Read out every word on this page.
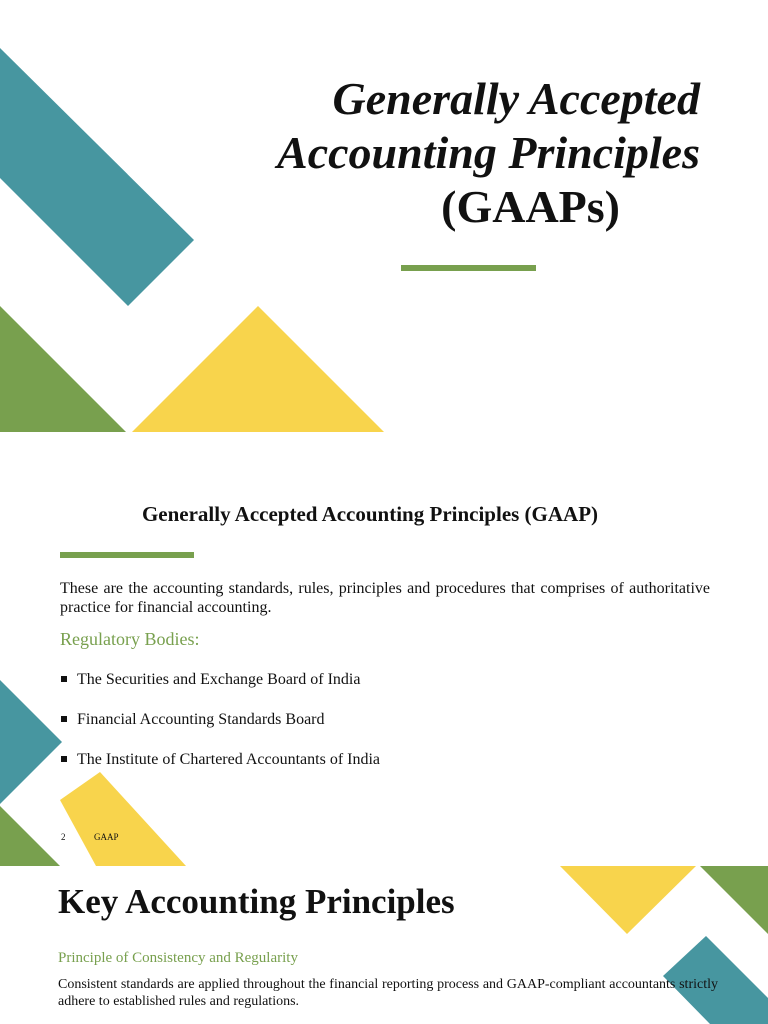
Generally Accepted
Accounting Principles
(GAAPs)
Generally Accepted Accounting Principles (GAAP)

These are the accounting standards, rules, principles and procedures that comprises of authoritative practice for financial accounting.

Regulatory Bodies:

The Securities and Exchange Board of India
Financial Accounting Standards Board
The Institute of Chartered Accountants of India
2	GAAP
Key Accounting Principles

Principle of Consistency and Regularity

Consistent standards are applied throughout the financial reporting process and GAAP-compliant accountants strictly adhere to established rules and regulations.
